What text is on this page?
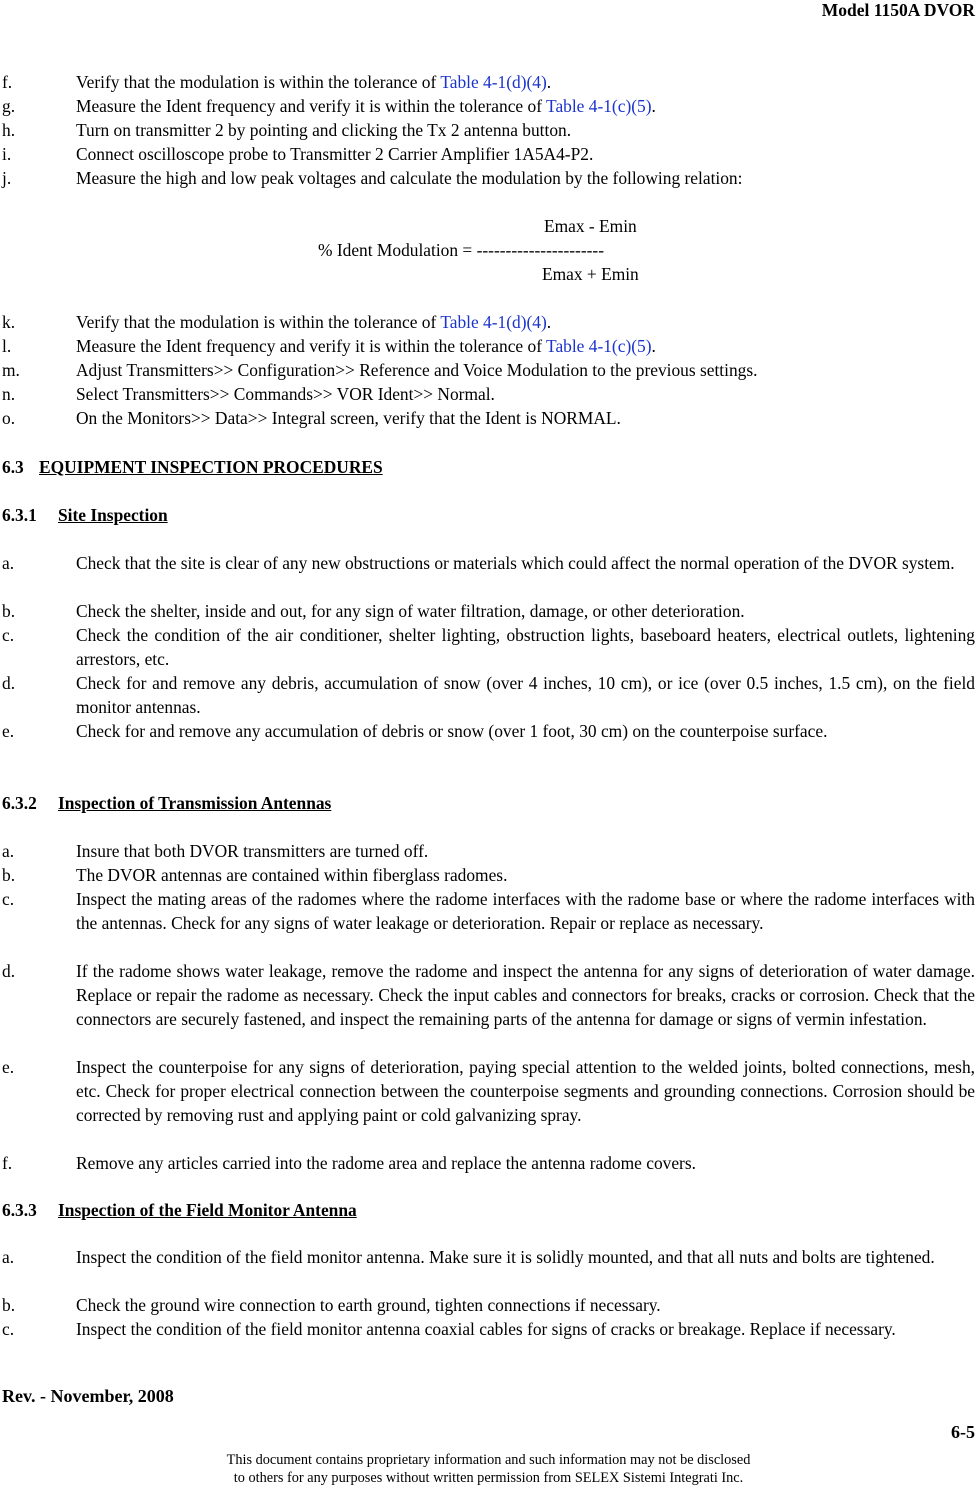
Model 1150A DVOR
f.	Verify that the modulation is within the tolerance of Table 4-1(d)(4).
g.	Measure the Ident frequency and verify it is within the tolerance of Table 4-1(c)(5).
h.	Turn on transmitter 2 by pointing and clicking the Tx 2 antenna button.
i.	Connect oscilloscope probe to Transmitter 2 Carrier Amplifier 1A5A4-P2.
j.	Measure the high and low peak voltages and calculate the modulation by the following relation:
Emax - Emin
% Ident Modulation = ----------------------
Emax + Emin
k.	Verify that the modulation is within the tolerance of Table 4-1(d)(4).
l.	Measure the Ident frequency and verify it is within the tolerance of Table 4-1(c)(5).
m.	Adjust Transmitters>> Configuration>> Reference and Voice Modulation to the previous settings.
n.	Select Transmitters>> Commands>> VOR Ident>> Normal.
o.	On the Monitors>> Data>> Integral screen, verify that the Ident is NORMAL.
6.3 EQUIPMENT INSPECTION PROCEDURES
6.3.1 Site Inspection
a.	Check that the site is clear of any new obstructions or materials which could affect the normal operation of the DVOR system.
b.	Check the shelter, inside and out, for any sign of water filtration, damage, or other deterioration.
c.	Check the condition of the air conditioner, shelter lighting, obstruction lights, baseboard heaters, electrical outlets, lightening arrestors, etc.
d.	Check for and remove any debris, accumulation of snow (over 4 inches, 10 cm), or ice (over 0.5 inches, 1.5 cm), on the field monitor antennas.
e.	Check for and remove any accumulation of debris or snow (over 1 foot, 30 cm) on the counterpoise surface.
6.3.2 Inspection of Transmission Antennas
a.	Insure that both DVOR transmitters are turned off.
b.	The DVOR antennas are contained within fiberglass radomes.
c.	Inspect the mating areas of the radomes where the radome interfaces with the radome base or where the radome interfaces with the antennas. Check for any signs of water leakage or deterioration. Repair or replace as necessary.
d.	If the radome shows water leakage, remove the radome and inspect the antenna for any signs of deterioration of water damage. Replace or repair the radome as necessary. Check the input cables and connectors for breaks, cracks or corrosion. Check that the connectors are securely fastened, and inspect the remaining parts of the antenna for damage or signs of vermin infestation.
e.	Inspect the counterpoise for any signs of deterioration, paying special attention to the welded joints, bolted connections, mesh, etc. Check for proper electrical connection between the counterpoise segments and grounding connections. Corrosion should be corrected by removing rust and applying paint or cold galvanizing spray.
f.	Remove any articles carried into the radome area and replace the antenna radome covers.
6.3.3 Inspection of the Field Monitor Antenna
a.	Inspect the condition of the field monitor antenna. Make sure it is solidly mounted, and that all nuts and bolts are tightened.
b.	Check the ground wire connection to earth ground, tighten connections if necessary.
c.	Inspect the condition of the field monitor antenna coaxial cables for signs of cracks or breakage. Replace if necessary.
Rev. - November, 2008
6-5
This document contains proprietary information and such information may not be disclosed
to others for any purposes without written permission from SELEX Sistemi Integrati Inc.
